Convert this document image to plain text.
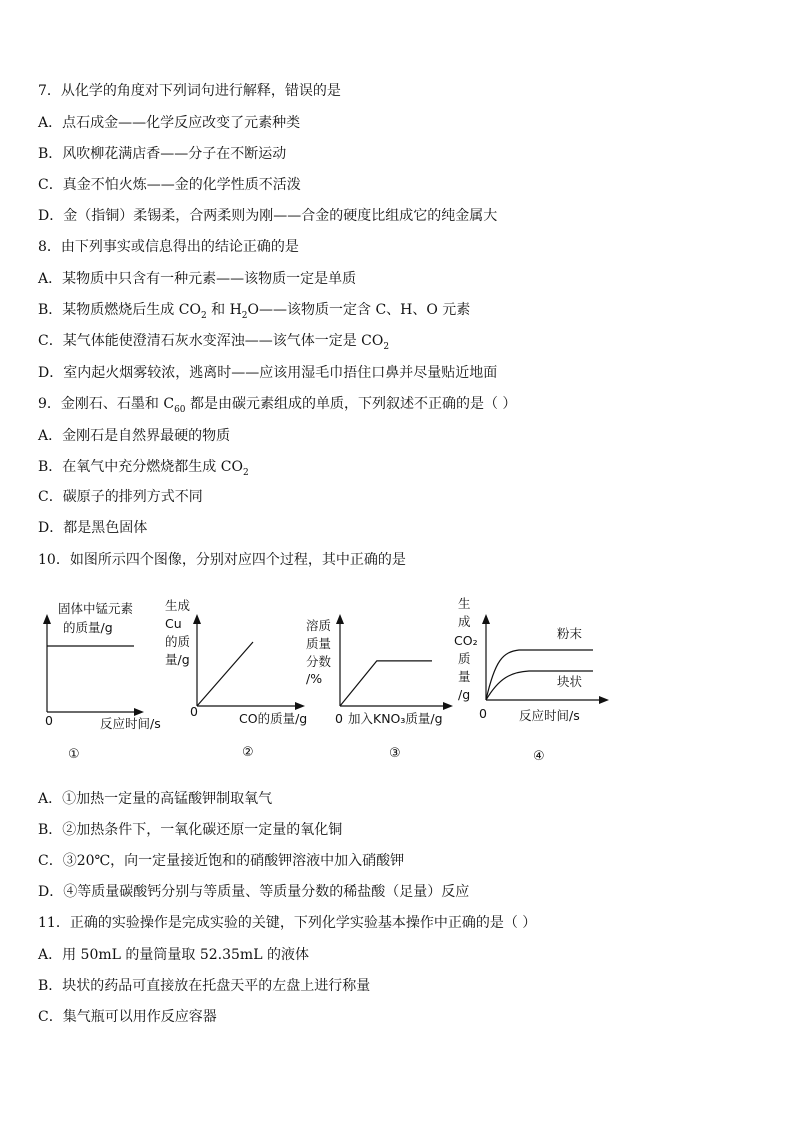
7．从化学的角度对下列词句进行解释，错误的是
A．点石成金——化学反应改变了元素种类
B．风吹柳花满店香——分子在不断运动
C．真金不怕火炼——金的化学性质不活泼
D．金（指铜）柔锡柔，合两柔则为刚——合金的硬度比组成它的纯金属大
8．由下列事实或信息得出的结论正确的是
A．某物质中只含有一种元素——该物质一定是单质
B．某物质燃烧后生成 $CO_2$ 和 $H_2O——$该物质一定含 C、H、O 元素
C．某气体能使澄清石灰水变浑浊——该气体一定是 $CO_2$
D．室内起火烟雾较浓，逃离时——应该用湿毛巾捂住口鼻并尽量贴近地面
9．金刚石、石墨和 $C_{60}$ 都是由碳元素组成的单质，下列叙述不正确的是（ ）
A．金刚石是自然界最硬的物质
B．在氧气中充分燃烧都生成 $CO_2$
C．碳原子的排列方式不同
D．都是黑色固体
10．如图所示四个图像，分别对应四个过程，其中正确的是
固体中锰元素
的质量/g
0	反应时间/s
①
生成
Cu
的质
量/g
0	CO的质量/g
②
溶质
质量
分数
/%
0 加入KNO₃质量/g
③
生
成
CO₂
质
量
/g
粉末
块状
0	反应时间/s
④
A．①加热一定量的高锰酸钾制取氧气
B．②加热条件下，一氧化碳还原一定量的氧化铜
C．③20℃，向一定量接近饱和的硝酸钾溶液中加入硝酸钾
D．④等质量碳酸钙分别与等质量、等质量分数的稀盐酸（足量）反应
11．正确的实验操作是完成实验的关键，下列化学实验基本操作中正确的是（ ）
A．用 50mL 的量筒量取 52.35mL 的液体
B．块状的药品可直接放在托盘天平的左盘上进行称量
C．集气瓶可以用作反应容器
